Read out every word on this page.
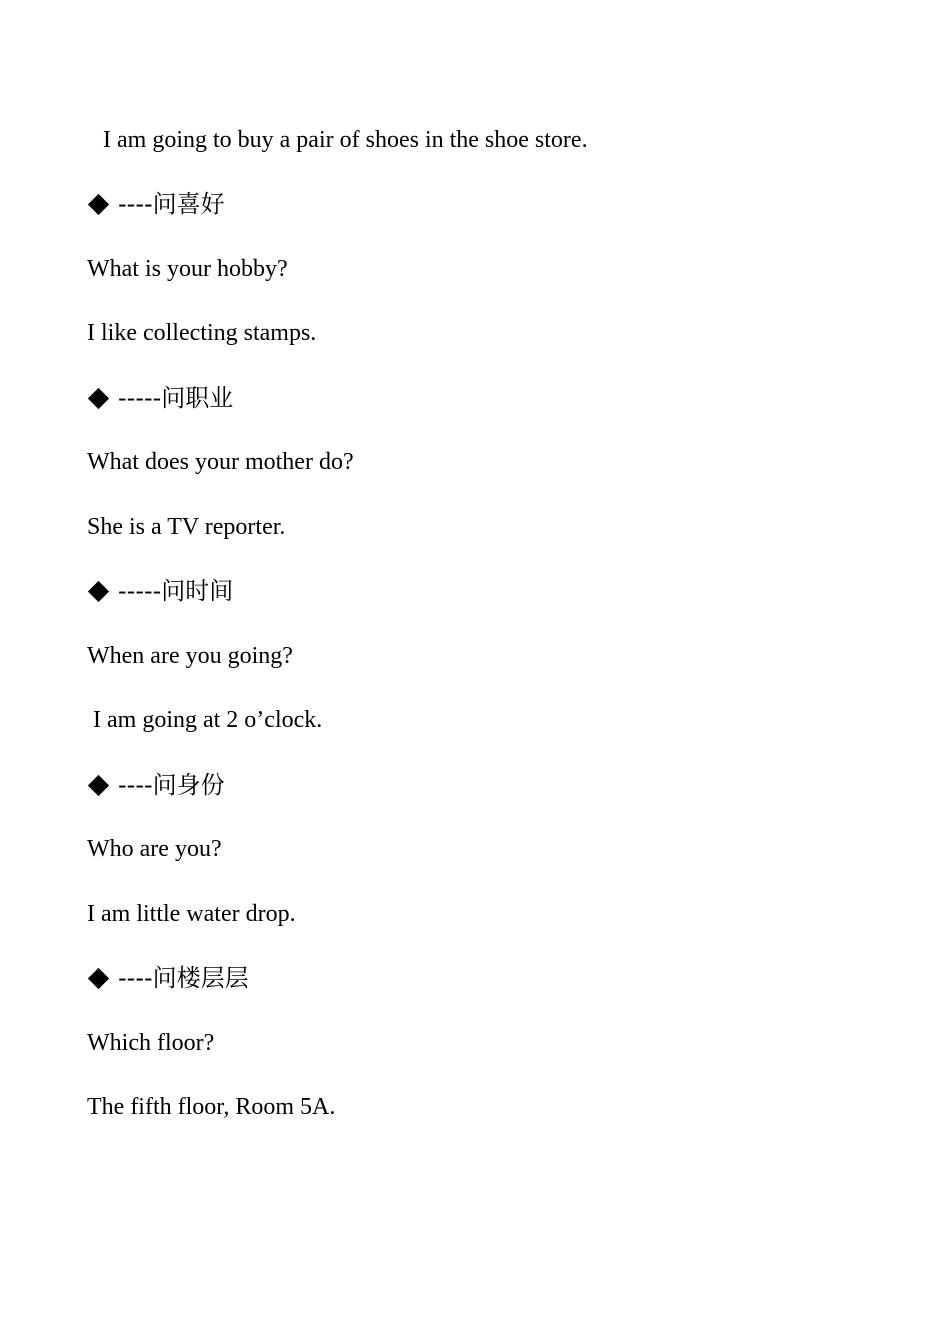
I am going to buy a pair of shoes in the shoe store.
----问喜好
What is your hobby?
I like collecting stamps.
-----问职业
What does your mother do?
She is a TV reporter.
-----问时间
When are you going?
I am going at 2 o’clock.
----问身份
Who are you?
I am little water drop.
----问楼层层
Which floor?
The fifth floor, Room 5A.
